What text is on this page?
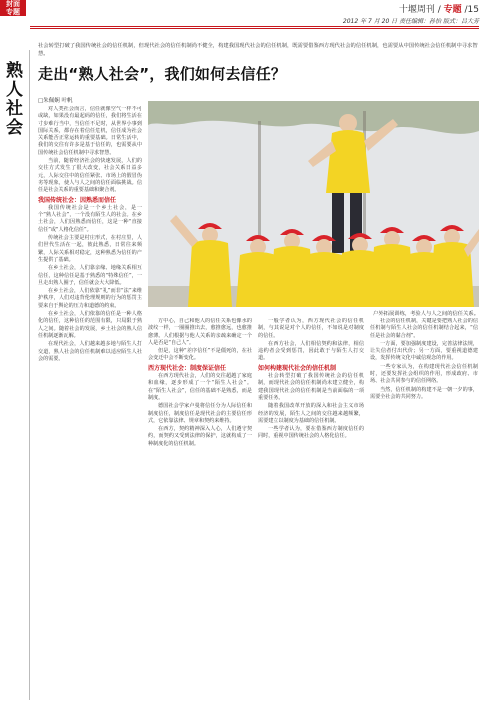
封面
专题	十堰周刊 / 专题 /15
2012 年 7 月 20 日 责任编辑：孙怡 版式：吕大芳
熟人社会
社会转型打破了我国传统社会的信任机制，但现代社会的信任机制尚不健全，构建我国现代社会的信任机制，既需要借鉴西方现代社会的信任机制，也需要从中国传统社会信任机制中寻求智慧。
走出“熟人社会”，我们如何去信任？
□朱佩娴 叶帆

对人类社会而言，信任就像空气一样不可或缺，如果没有最起码的信任，我们将生活在寸步难行当中，当信任不足时，从世界小事到国际关系，都存在着信任危机，信任成为社会关系能否正常运转的重要基础。日常生活中，我们的交往有许多是基于信任的，也需要从中国传统社会信任机制中寻求智慧。

当前，随着经济社会的快速发展，人们的交往方式发生了很大改变，社会关系日益多元，人际交往中的信任紧张、市场上的假冒伪劣等现象，使人与人之间的信任面临挑战。信任是社会关系的重要基础和聚合剂。

我国传统社会：因熟悉而信任

我国传统社会是一个乡土社会，是一个“熟人社会”，一个没有陌生人的社会。在乡土社会，人们因熟悉而信任，这是一种“直接信任”或“人格化信任”。

传统社会主要是村庄形式，在村庄里，人们世代生活在一起，彼此熟悉，日常往来频繁，人际关系相对稳定，这种熟悉为信任的产生提供了基础。

在乡土社会，人们靠亲缘、地缘关系相互信任，这种信任是基于熟悉的“特殊信任”，一旦走出熟人圈子，信任就会大大降低。

在乡土社会，人们依靠“礼”而非“法”来维护秩序，人们对违背伦理规则的行为的惩罚主要来自于舆论的压力和道德的约束。

在乡土社会，人们依靠的信任是一种人格化的信任，这种信任的范围有限，只局限于熟人之间。随着社会的发展，乡土社会的熟人信任机制逐渐瓦解。

在现代社会，人们越来越多地与陌生人打交道，熟人社会的信任机制难以适应陌生人社会的需要。

户外拓展训练，考验人与人之间的信任关系。

方中心，自己和他人的信任关系也像水的波纹一样，一圈圈推出去，愈推愈远，也愈推愈薄。人们根据与他人关系的亲疏来确定一个人是否是“自己人”。

但是，这种“差序信任”不是僵死的，在社会变迁中会不断变化。

西方现代社会：制度保证信任

在西方现代社会，人们的交往超越了家庭和血缘，逐步形成了一个“陌生人社会”。在“陌生人社会”，信任的基础不是熟悉，而是制度。

德国社会学家卢曼将信任分为人际信任和制度信任，制度信任是现代社会的主要信任形式，它依靠法律、规章和契约来维持。

在西方，契约精神深入人心，人们遵守契约，而契约又受到法律的保护，这就构成了一种制度化的信任机制。

一般学者认为，西方现代社会的信任机制，与其说是对个人的信任，不如说是对制度的信任。

在西方社会，人们相信契约和法律，相信违约者会受到惩罚，因此敢于与陌生人打交道。

如何构建现代社会的信任机制

社会转型打破了我国传统社会的信任机制，而现代社会的信任机制尚未建立健全，构建我国现代社会的信任机制是当前面临的一项重要任务。

随着我国改革开放的深入和社会主义市场经济的发展，陌生人之间的交往越来越频繁，需要建立以制度为基础的信任机制。

一些学者认为，要在借鉴西方制度信任的同时，重视中国传统社会的人格化信任。

社会的信任机制，关键是要把熟人社会的信任机制与陌生人社会的信任机制结合起来，“信任是社会的黏合剂”。

一方面，要加强制度建设，完善法律法规，让失信者付出代价；另一方面，要重视道德建设，发挥传统文化中诚信观念的作用。

一些专家认为，在构建现代社会信任机制时，还要发挥社会组织的作用，形成政府、市场、社会共同参与的信任网络。

当然，信任机制的构建不是一朝一夕的事，需要全社会的共同努力。
